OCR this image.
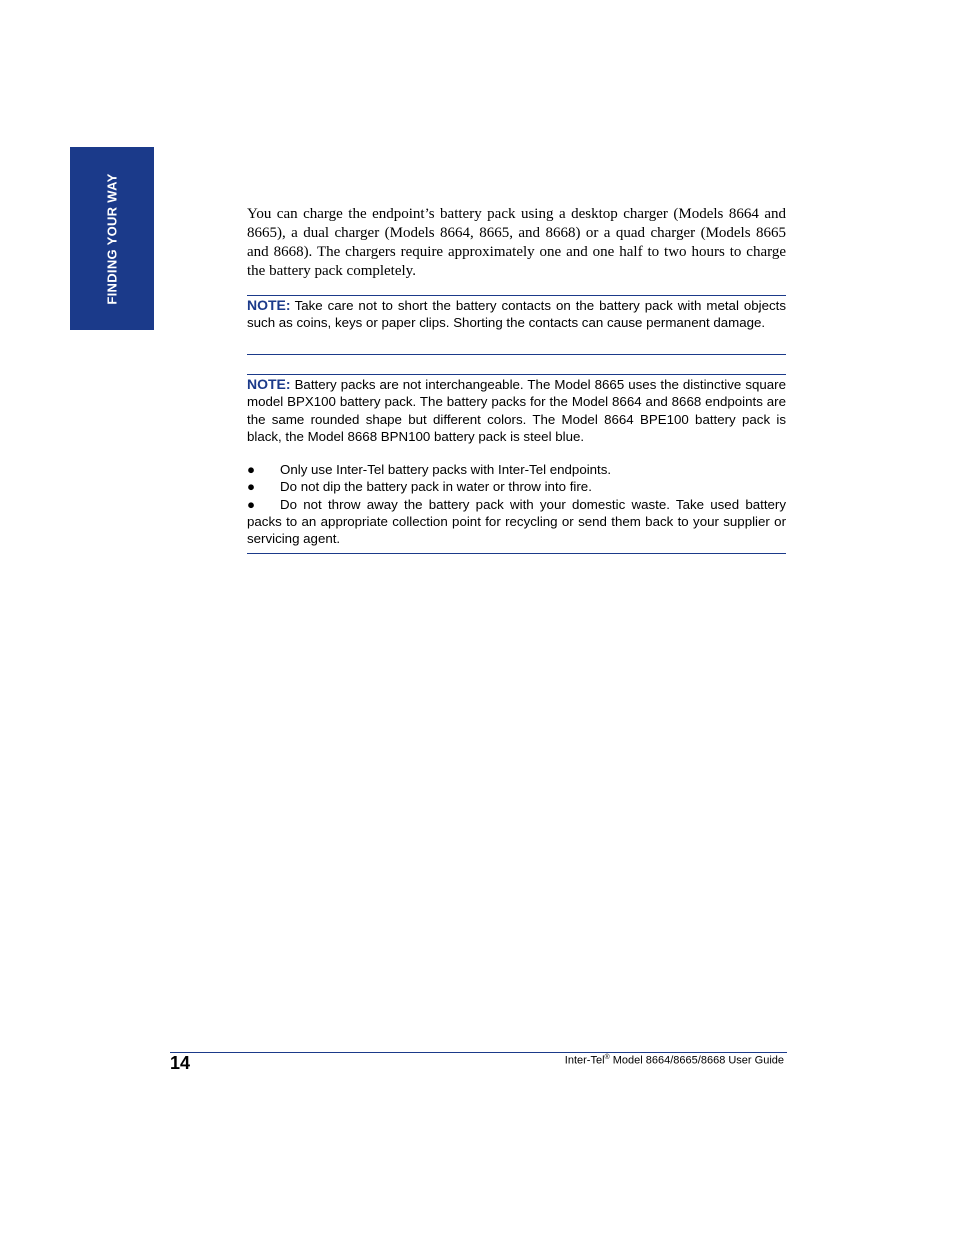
FINDING YOUR WAY	You can charge the endpoint’s battery pack using a desktop charger (Models 8664 and 8665), a dual charger (Models 8664, 8665, and 8668) or a quad charger (Models 8665 and 8668). The chargers require approximately one and one half to two hours to charge the battery pack completely.

NOTE: Take care not to short the battery contacts on the battery pack with metal objects such as coins, keys or paper clips. Shorting the contacts can cause permanent damage.

NOTE: Battery packs are not interchangeable. The Model 8665 uses the distinctive square model BPX100 battery pack. The battery packs for the Model 8664 and 8668 endpoints are the same rounded shape but different colors. The Model 8664 BPE100 battery pack is black, the Model 8668 BPN100 battery pack is steel blue.

● Only use Inter-Tel battery packs with Inter-Tel endpoints.
● Do not dip the battery pack in water or throw into fire.
● Do not throw away the battery pack with your domestic waste. Take used battery packs to an appropriate collection point for recycling or send them back to your supplier or servicing agent.
14	Inter-Tel® Model 8664/8665/8668 User Guide
